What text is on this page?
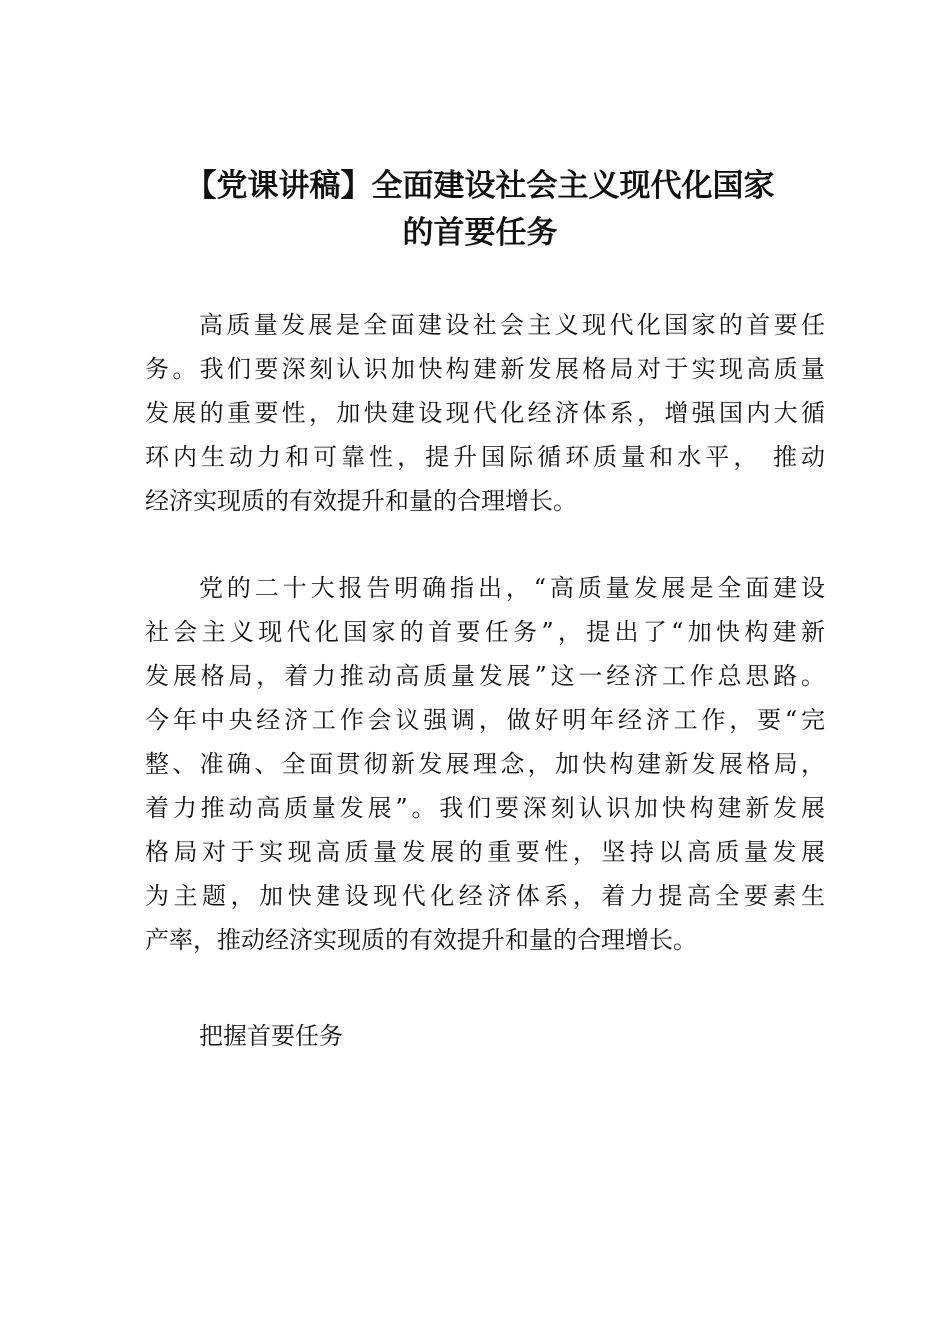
【党课讲稿】全面建设社会主义现代化国家
的首要任务
高质量发展是全面建设社会主义现代化国家的首要任
务。我们要深刻认识加快构建新发展格局对于实现高质量
发展的重要性，加快建设现代化经济体系，增强国内大循
环内生动力和可靠性，提升国际循环质量和水平， 推动
经济实现质的有效提升和量的合理增长。
党的二十大报告明确指出，“高质量发展是全面建设
社会主义现代化国家的首要任务”，提出了“加快构建新
发展格局，着力推动高质量发展”这一经济工作总思路。
今年中央经济工作会议强调，做好明年经济工作，要“完
整、准确、全面贯彻新发展理念，加快构建新发展格局，
着力推动高质量发展”。我们要深刻认识加快构建新发展
格局对于实现高质量发展的重要性，坚持以高质量发展
为主题，加快建设现代化经济体系，着力提高全要素生
产率，推动经济实现质的有效提升和量的合理增长。
把握首要任务
